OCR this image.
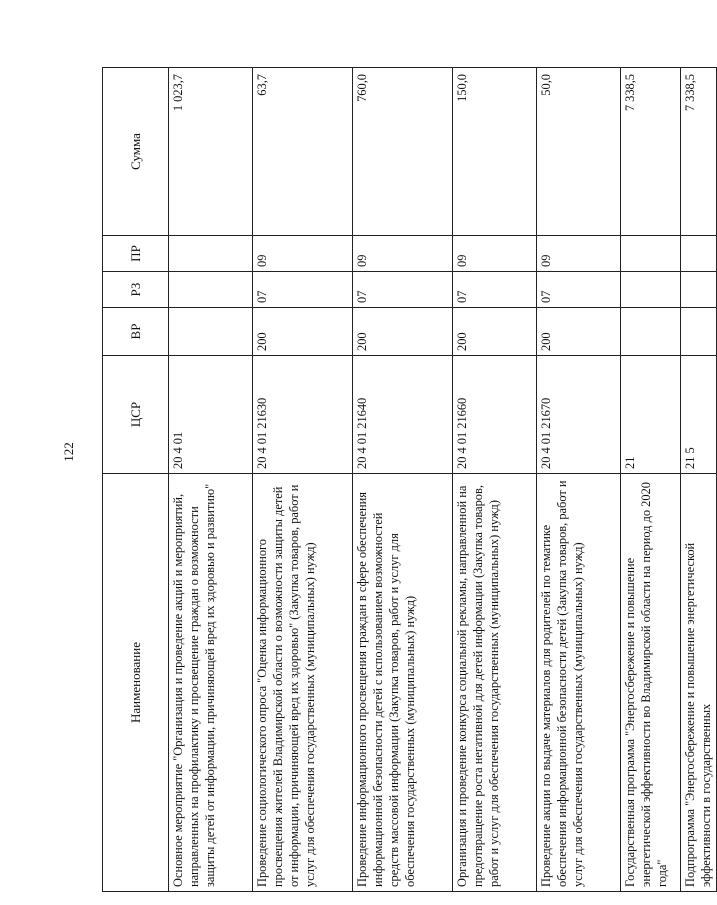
122
Наименование	ЦСР	ВР	РЗ	ПР	Сумма
Основное мероприятие "Организация и проведение акций и мероприятий, направленных на профилактику и просвещение граждан о возможности защиты детей от информации, причиняющей вред их здоровью и развитию"	20 4 01				1 023,7
Проведение социологического опроса "Оценка информационного просвещения жителей Владимирской области о возможности защиты детей от информации, причиняющей вред их здоровью" (Закупка товаров, работ и услуг для обеспечения государственных (муниципальных) нужд)	20 4 01 21630	200	07	09	63,7
Проведение информационного просвещения граждан в сфере обеспечения информационной безопасности детей с использованием возможностей средств массовой информации (Закупка товаров, работ и услуг для обеспечения государственных (муниципальных) нужд)	20 4 01 21640	200	07	09	760,0
Организация и проведение конкурса социальной рекламы, направленной на предотвращение роста негативной для детей информации (Закупка товаров, работ и услуг для обеспечения государственных (муниципальных) нужд)	20 4 01 21660	200	07	09	150,0
Проведение акции по выдаче материалов для родителей по тематике обеспечения информационной безопасности детей (Закупка товаров, работ и услуг для обеспечения государственных (муниципальных) нужд)	20 4 01 21670	200	07	09	50,0
Государственная программа "Энергосбережение и повышение энергетической эффективности во Владимирской области на период до 2020 года"	21				7 338,5
Подпрограмма "Энергосбережение и повышение энергетической эффективности в государственных	21 5				7 338,5
